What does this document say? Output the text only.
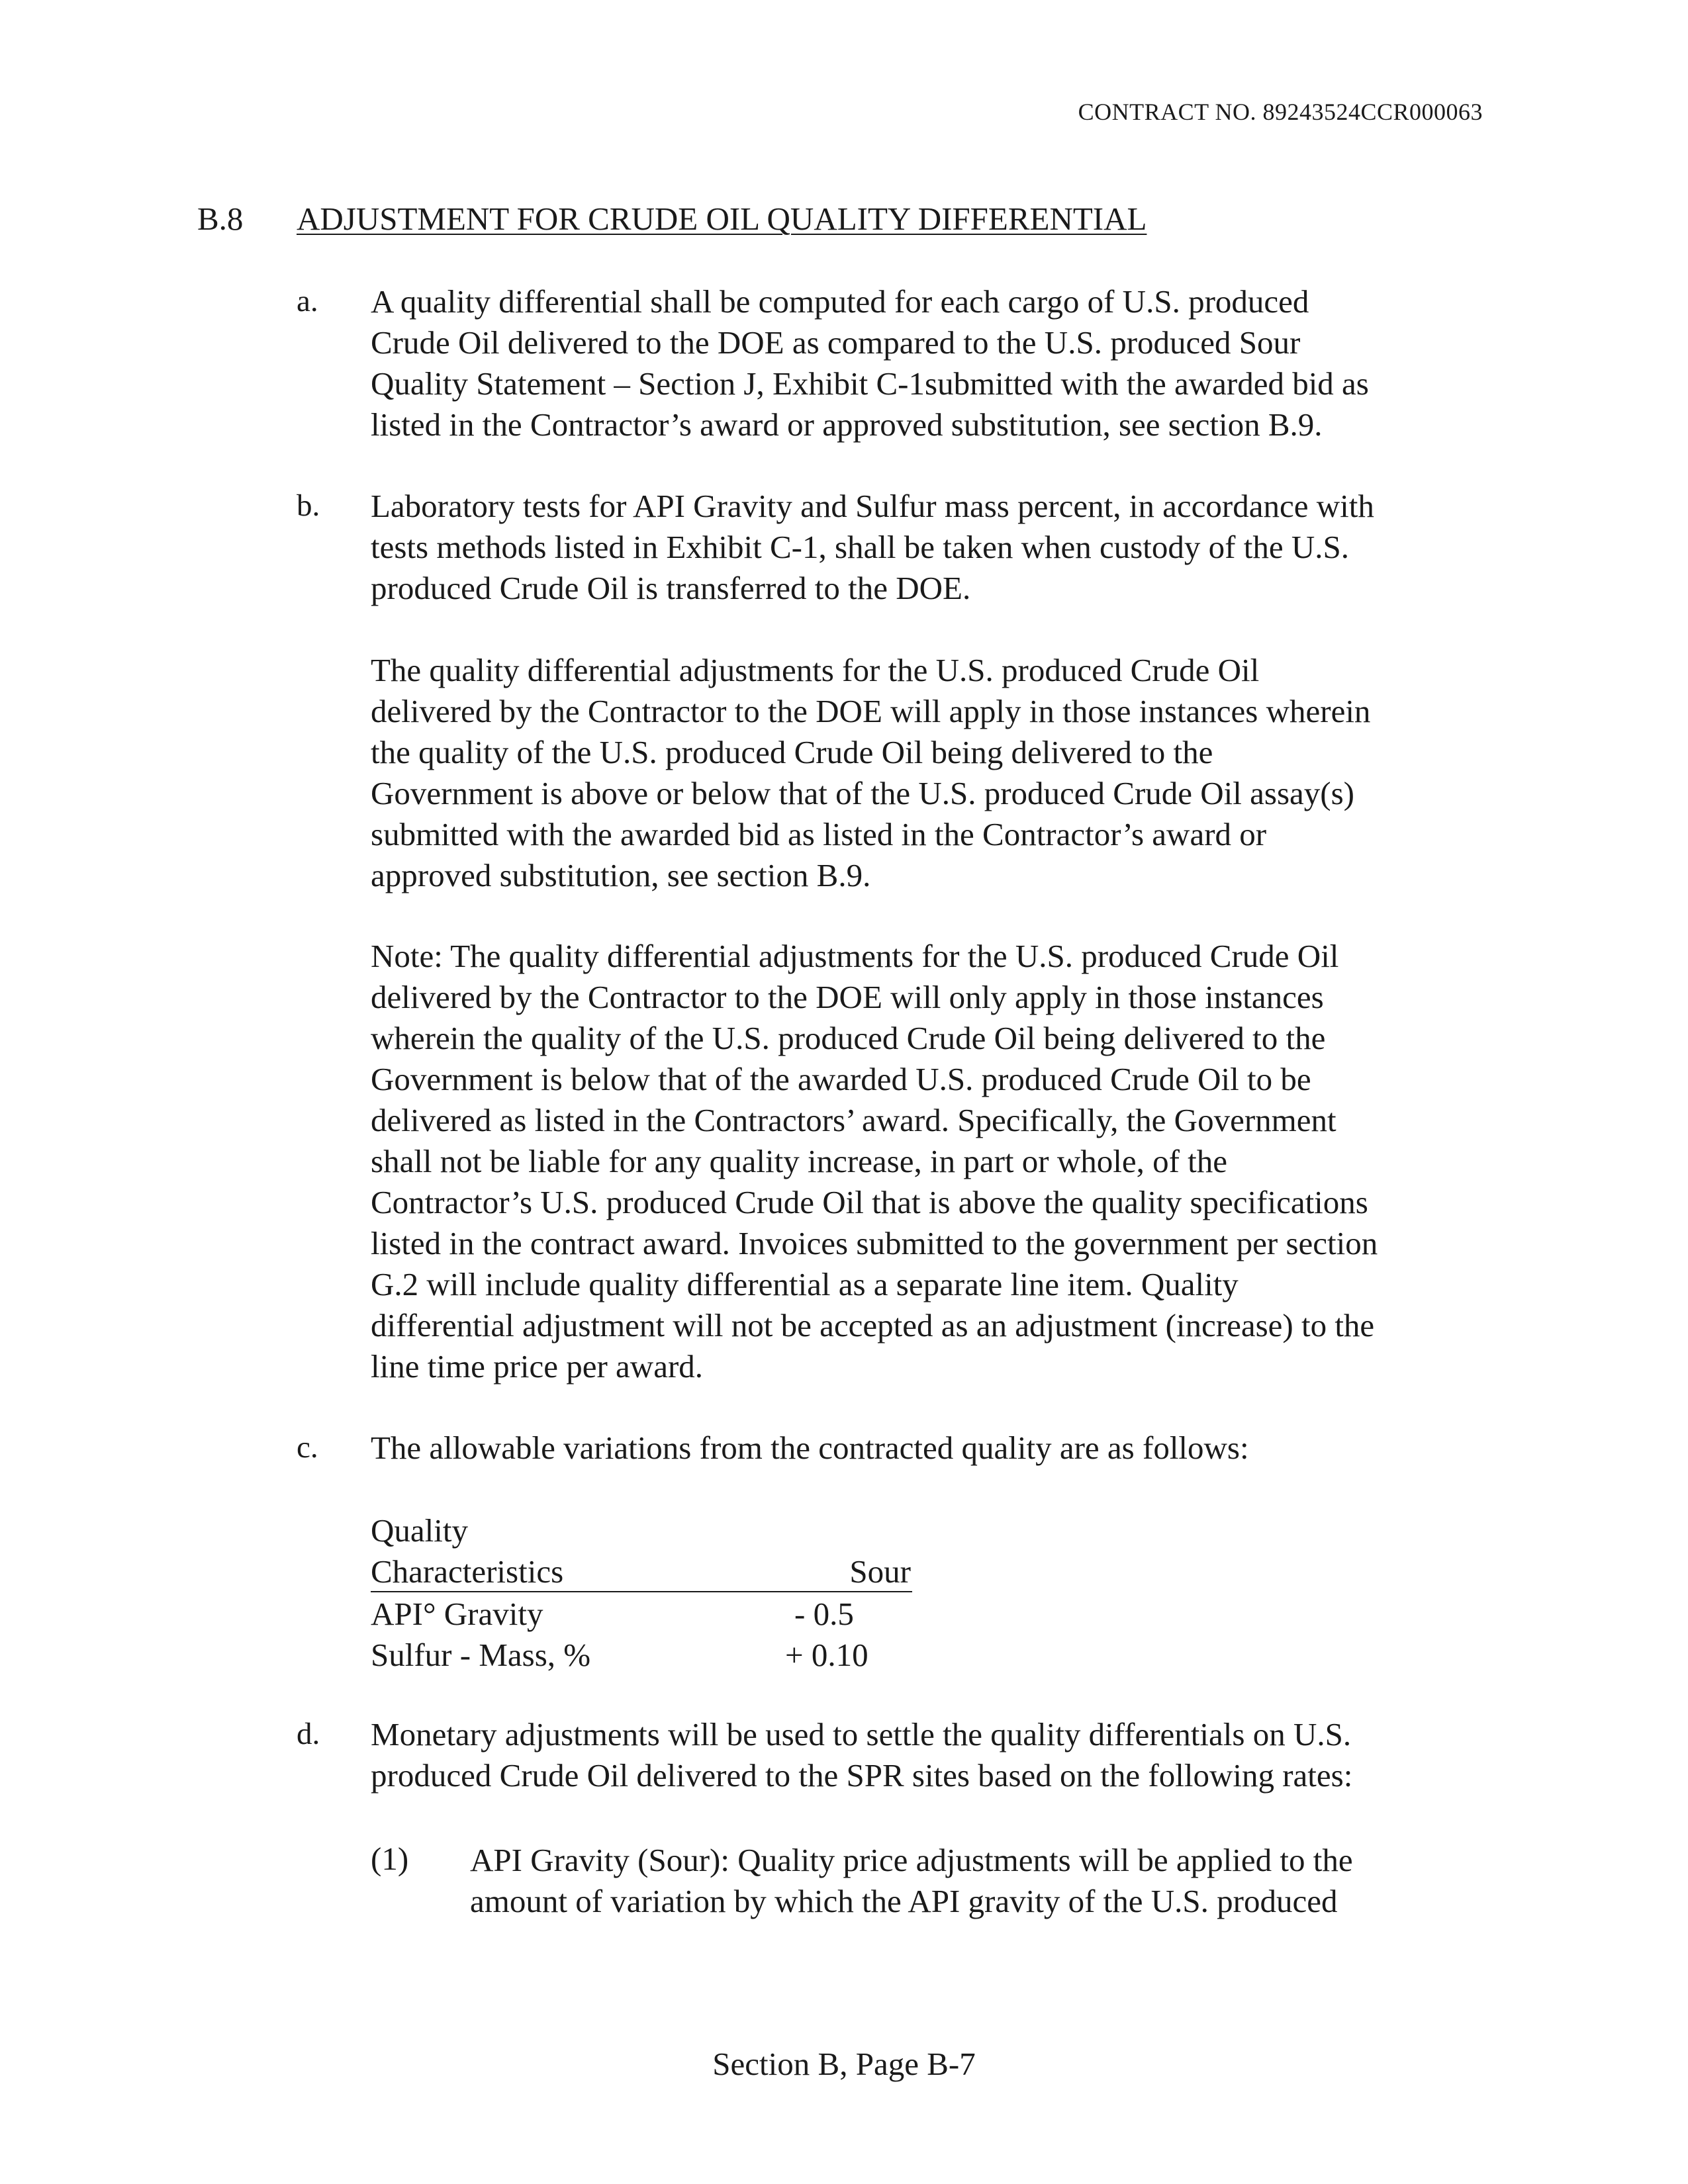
CONTRACT NO. 89243524CCR000063
B.8 ADJUSTMENT FOR CRUDE OIL QUALITY DIFFERENTIAL
a. A quality differential shall be computed for each cargo of U.S. produced
Crude Oil delivered to the DOE as compared to the U.S. produced Sour
Quality Statement – Section J, Exhibit C-1submitted with the awarded bid as
listed in the Contractor’s award or approved substitution, see section B.9.
b. Laboratory tests for API Gravity and Sulfur mass percent, in accordance with
tests methods listed in Exhibit C-1, shall be taken when custody of the U.S.
produced Crude Oil is transferred to the DOE.
The quality differential adjustments for the U.S. produced Crude Oil
delivered by the Contractor to the DOE will apply in those instances wherein
the quality of the U.S. produced Crude Oil being delivered to the
Government is above or below that of the U.S. produced Crude Oil assay(s)
submitted with the awarded bid as listed in the Contractor’s award or
approved substitution, see section B.9.
Note: The quality differential adjustments for the U.S. produced Crude Oil
delivered by the Contractor to the DOE will only apply in those instances
wherein the quality of the U.S. produced Crude Oil being delivered to the
Government is below that of the awarded U.S. produced Crude Oil to be
delivered as listed in the Contractors’ award. Specifically, the Government
shall not be liable for any quality increase, in part or whole, of the
Contractor’s U.S. produced Crude Oil that is above the quality specifications
listed in the contract award. Invoices submitted to the government per section
G.2 will include quality differential as a separate line item. Quality
differential adjustment will not be accepted as an adjustment (increase) to the
line time price per award.
c. The allowable variations from the contracted quality are as follows:
Quality
Characteristics	Sour
API° Gravity	- 0.5
Sulfur - Mass, %	+ 0.10
d. Monetary adjustments will be used to settle the quality differentials on U.S.
produced Crude Oil delivered to the SPR sites based on the following rates:
(1) API Gravity (Sour): Quality price adjustments will be applied to the
amount of variation by which the API gravity of the U.S. produced
Section B, Page B-7
